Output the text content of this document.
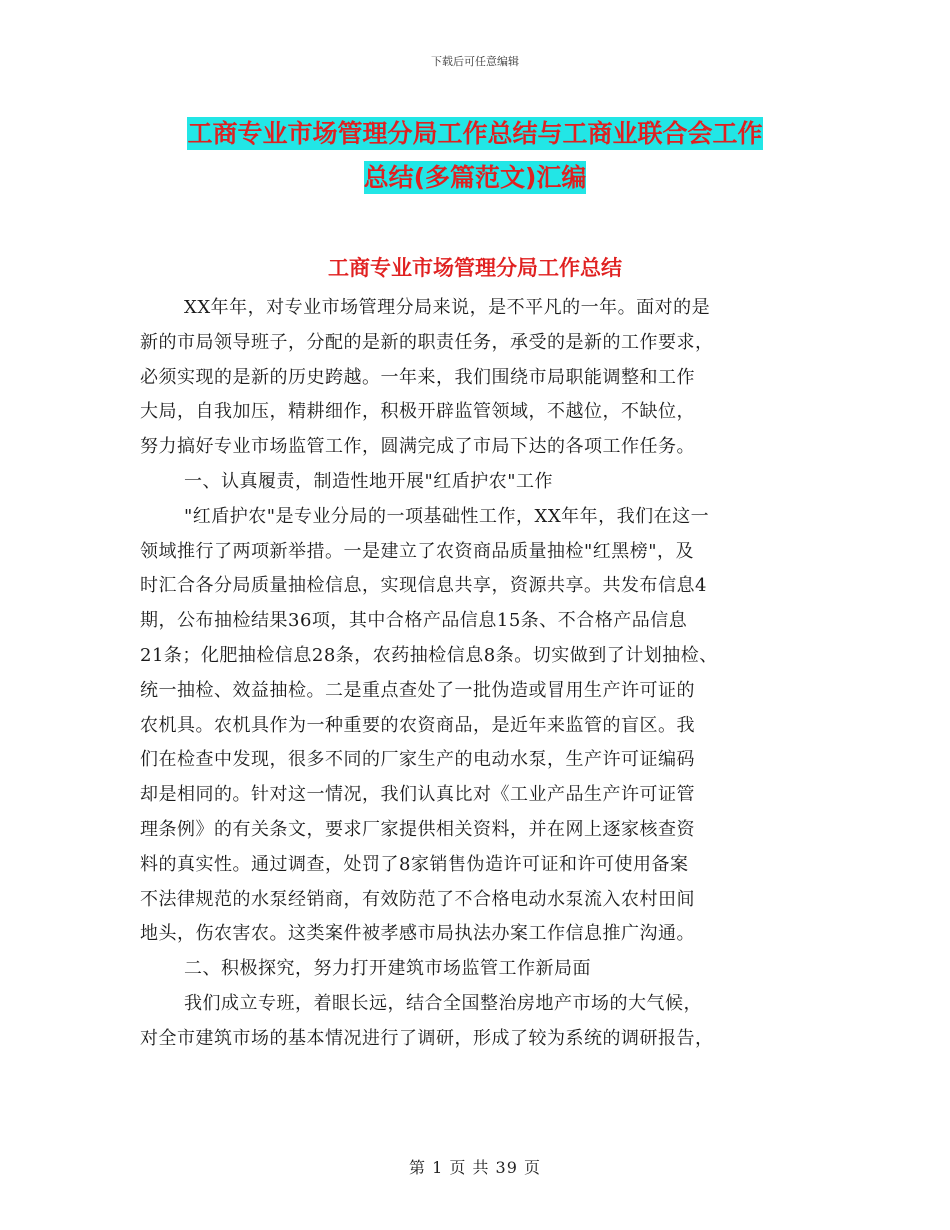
下载后可任意编辑
工商专业市场管理分局工作总结与工商业联合会工作
总结(多篇范文)汇编
工商专业市场管理分局工作总结
XX年年，对专业市场管理分局来说，是不平凡的一年。面对的是
新的市局领导班子，分配的是新的职责任务，承受的是新的工作要求，
必须实现的是新的历史跨越。一年来，我们围绕市局职能调整和工作
大局，自我加压，精耕细作，积极开辟监管领域，不越位，不缺位，
努力搞好专业市场监管工作，圆满完成了市局下达的各项工作任务。
一、认真履责，制造性地开展"红盾护农"工作
"红盾护农"是专业分局的一项基础性工作，XX年年，我们在这一
领域推行了两项新举措。一是建立了农资商品质量抽检"红黑榜"，及
时汇合各分局质量抽检信息，实现信息共享，资源共享。共发布信息4
期，公布抽检结果36项，其中合格产品信息15条、不合格产品信息
21条；化肥抽检信息28条，农药抽检信息8条。切实做到了计划抽检、
统一抽检、效益抽检。二是重点查处了一批伪造或冒用生产许可证的
农机具。农机具作为一种重要的农资商品，是近年来监管的盲区。我
们在检查中发现，很多不同的厂家生产的电动水泵，生产许可证编码
却是相同的。针对这一情况，我们认真比对《工业产品生产许可证管
理条例》的有关条文，要求厂家提供相关资料，并在网上逐家核查资
料的真实性。通过调查，处罚了8家销售伪造许可证和许可使用备案
不法律规范的水泵经销商，有效防范了不合格电动水泵流入农村田间
地头，伤农害农。这类案件被孝感市局执法办案工作信息推广沟通。
二、积极探究，努力打开建筑市场监管工作新局面
我们成立专班，着眼长远，结合全国整治房地产市场的大气候，
对全市建筑市场的基本情况进行了调研，形成了较为系统的调研报告，
第 1 页 共 39 页
